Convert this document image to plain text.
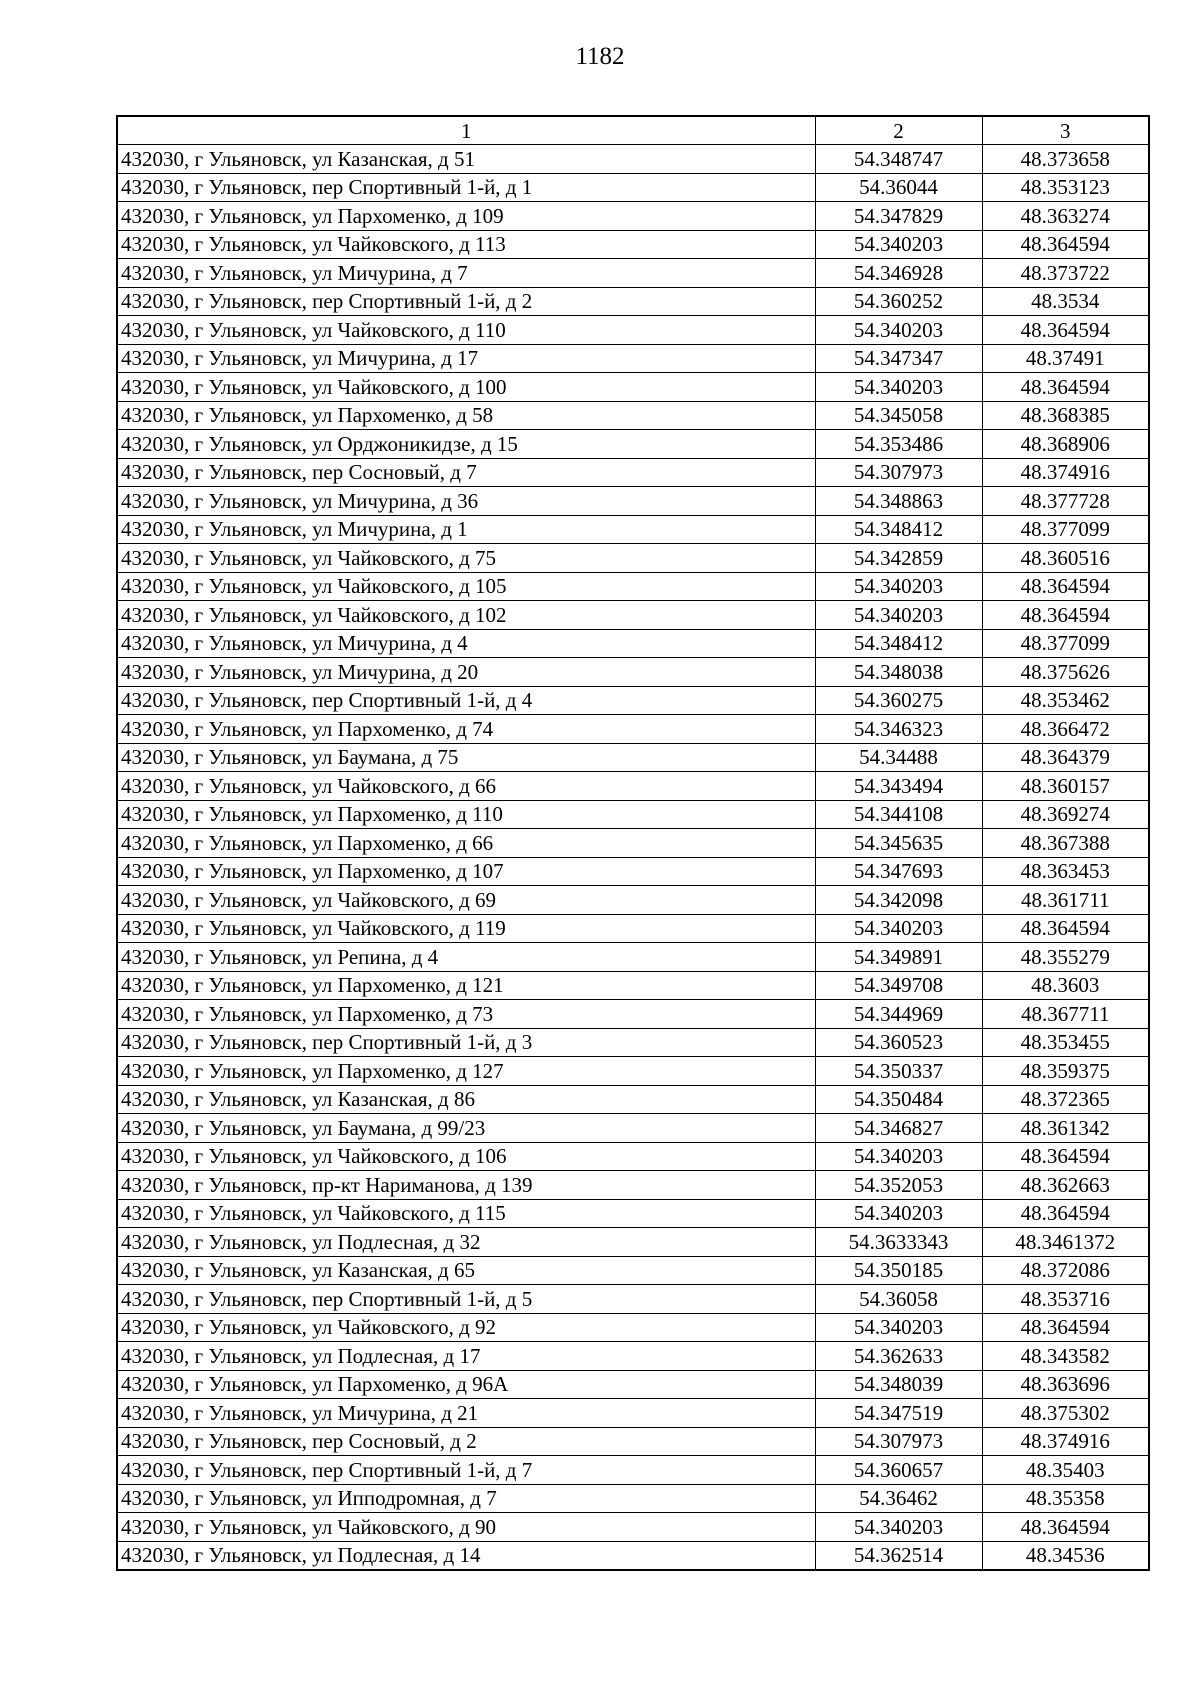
1182
1	2	3
432030, г Ульяновск, ул Казанская, д 51	54.348747	48.373658
432030, г Ульяновск, пер Спортивный 1-й, д 1	54.36044	48.353123
432030, г Ульяновск, ул Пархоменко, д 109	54.347829	48.363274
432030, г Ульяновск, ул Чайковского, д 113	54.340203	48.364594
432030, г Ульяновск, ул Мичурина, д 7	54.346928	48.373722
432030, г Ульяновск, пер Спортивный 1-й, д 2	54.360252	48.3534
432030, г Ульяновск, ул Чайковского, д 110	54.340203	48.364594
432030, г Ульяновск, ул Мичурина, д 17	54.347347	48.37491
432030, г Ульяновск, ул Чайковского, д 100	54.340203	48.364594
432030, г Ульяновск, ул Пархоменко, д 58	54.345058	48.368385
432030, г Ульяновск, ул Орджоникидзе, д 15	54.353486	48.368906
432030, г Ульяновск, пер Сосновый, д 7	54.307973	48.374916
432030, г Ульяновск, ул Мичурина, д 36	54.348863	48.377728
432030, г Ульяновск, ул Мичурина, д 1	54.348412	48.377099
432030, г Ульяновск, ул Чайковского, д 75	54.342859	48.360516
432030, г Ульяновск, ул Чайковского, д 105	54.340203	48.364594
432030, г Ульяновск, ул Чайковского, д 102	54.340203	48.364594
432030, г Ульяновск, ул Мичурина, д 4	54.348412	48.377099
432030, г Ульяновск, ул Мичурина, д 20	54.348038	48.375626
432030, г Ульяновск, пер Спортивный 1-й, д 4	54.360275	48.353462
432030, г Ульяновск, ул Пархоменко, д 74	54.346323	48.366472
432030, г Ульяновск, ул Баумана, д 75	54.34488	48.364379
432030, г Ульяновск, ул Чайковского, д 66	54.343494	48.360157
432030, г Ульяновск, ул Пархоменко, д 110	54.344108	48.369274
432030, г Ульяновск, ул Пархоменко, д 66	54.345635	48.367388
432030, г Ульяновск, ул Пархоменко, д 107	54.347693	48.363453
432030, г Ульяновск, ул Чайковского, д 69	54.342098	48.361711
432030, г Ульяновск, ул Чайковского, д 119	54.340203	48.364594
432030, г Ульяновск, ул Репина, д 4	54.349891	48.355279
432030, г Ульяновск, ул Пархоменко, д 121	54.349708	48.3603
432030, г Ульяновск, ул Пархоменко, д 73	54.344969	48.367711
432030, г Ульяновск, пер Спортивный 1-й, д 3	54.360523	48.353455
432030, г Ульяновск, ул Пархоменко, д 127	54.350337	48.359375
432030, г Ульяновск, ул Казанская, д 86	54.350484	48.372365
432030, г Ульяновск, ул Баумана, д 99/23	54.346827	48.361342
432030, г Ульяновск, ул Чайковского, д 106	54.340203	48.364594
432030, г Ульяновск, пр-кт Нариманова, д 139	54.352053	48.362663
432030, г Ульяновск, ул Чайковского, д 115	54.340203	48.364594
432030, г Ульяновск, ул Подлесная, д 32	54.3633343	48.3461372
432030, г Ульяновск, ул Казанская, д 65	54.350185	48.372086
432030, г Ульяновск, пер Спортивный 1-й, д 5	54.36058	48.353716
432030, г Ульяновск, ул Чайковского, д 92	54.340203	48.364594
432030, г Ульяновск, ул Подлесная, д 17	54.362633	48.343582
432030, г Ульяновск, ул Пархоменко, д 96А	54.348039	48.363696
432030, г Ульяновск, ул Мичурина, д 21	54.347519	48.375302
432030, г Ульяновск, пер Сосновый, д 2	54.307973	48.374916
432030, г Ульяновск, пер Спортивный 1-й, д 7	54.360657	48.35403
432030, г Ульяновск, ул Ипподромная, д 7	54.36462	48.35358
432030, г Ульяновск, ул Чайковского, д 90	54.340203	48.364594
432030, г Ульяновск, ул Подлесная, д 14	54.362514	48.34536
